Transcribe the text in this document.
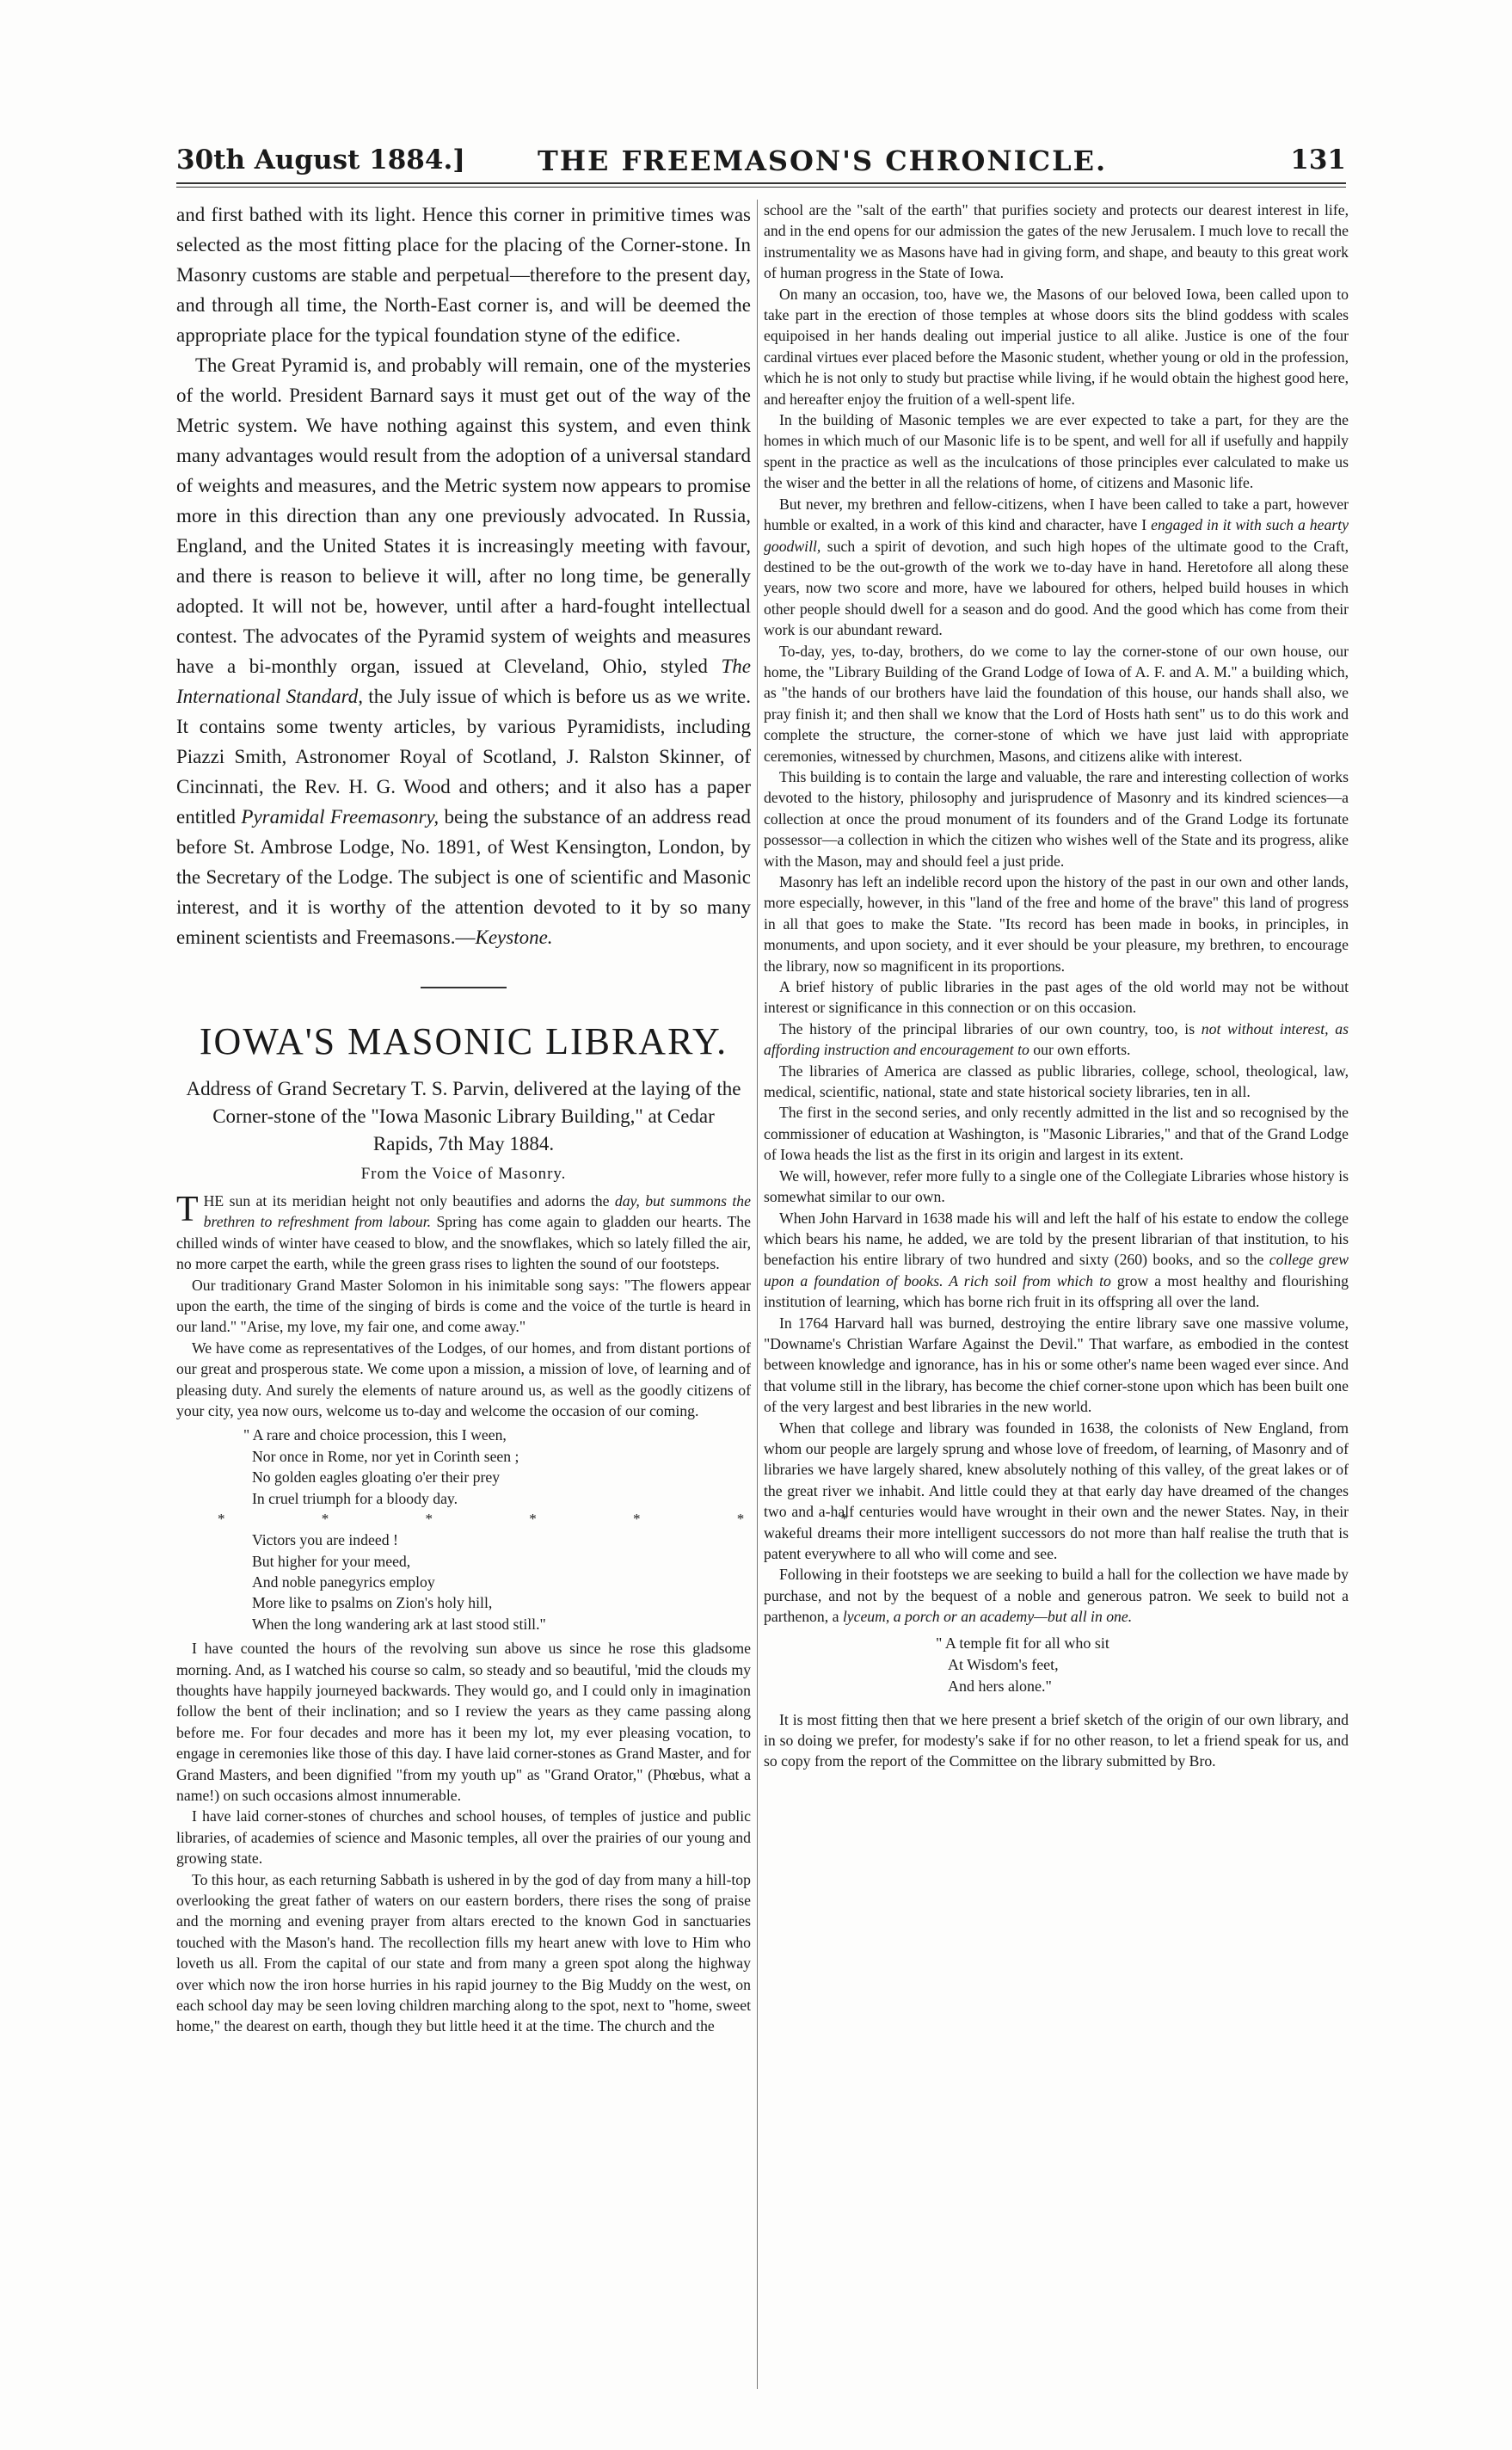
30th August 1884.]	THE FREEMASON'S CHRONICLE.	131

and first bathed with its light. Hence this corner in primitive times was selected as the most fitting place for the placing of the Corner-stone. In Masonry customs are stable and perpetual—therefore to the present day, and through all time, the North-East corner is, and will be deemed the appropriate place for the typical foundation styne of the edifice.

The Great Pyramid is, and probably will remain, one of the mysteries of the world. President Barnard says it must get out of the way of the Metric system. We have nothing against this system, and even think many advantages would result from the adoption of a universal standard of weights and measures, and the Metric system now appears to promise more in this direction than any one previously advocated. In Russia, England, and the United States it is increasingly meeting with favour, and there is reason to believe it will, after no long time, be generally adopted. It will not be, however, until after a hard-fought intellectual contest. The advocates of the Pyramid system of weights and measures have a bi-monthly organ, issued at Cleveland, Ohio, styled The International Standard, the July issue of which is before us as we write. It contains some twenty articles, by various Pyramidists, including Piazzi Smith, Astronomer Royal of Scotland, J. Ralston Skinner, of Cincinnati, the Rev. H. G. Wood and others; and it also has a paper entitled Pyramidal Freemasonry, being the substance of an address read before St. Ambrose Lodge, No. 1891, of West Kensington, London, by the Secretary of the Lodge. The subject is one of scientific and Masonic interest, and it is worthy of the attention devoted to it by so many eminent scientists and Freemasons.—Keystone.

IOWA'S MASONIC LIBRARY.
Address of Grand Secretary T. S. Parvin, delivered at the laying of the Corner-stone of the "Iowa Masonic Library Building," at Cedar Rapids, 7th May 1884.
From the Voice of Masonry.

THE sun at its meridian height not only beautifies and adorns the day, but summons the brethren to refreshment from labour. Spring has come again to gladden our hearts. The chilled winds of winter have ceased to blow, and the snowflakes, which so lately filled the air, no more carpet the earth, while the green grass rises to lighten the sound of our footsteps.

Our traditionary Grand Master Solomon in his inimitable song says: "The flowers appear upon the earth, the time of the singing of birds is come and the voice of the turtle is heard in our land." "Arise, my love, my fair one, and come away."

We have come as representatives of the Lodges, of our homes, and from distant portions of our great and prosperous state. We come upon a mission, a mission of love, of learning and of pleasing duty. And surely the elements of nature around us, as well as the goodly citizens of your city, yea now ours, welcome us to-day and welcome the occasion of our coming.

" A rare and choice procession, this I ween,
Nor once in Rome, nor yet in Corinth seen ;
No golden eagles gloating o'er their prey
In cruel triumph for a bloody day.
* * * * * * *
Victors you are indeed !
But higher for your meed,
And noble panegyrics employ
More like to psalms on Zion's holy hill,
When the long wandering ark at last stood still."

I have counted the hours of the revolving sun above us since he rose this gladsome morning. And, as I watched his course so calm, so steady and so beautiful, 'mid the clouds my thoughts have happily journeyed backwards. They would go, and I could only in imagination follow the bent of their inclination; and so I review the years as they came passing along before me. For four decades and more has it been my lot, my ever pleasing vocation, to engage in ceremonies like those of this day. I have laid corner-stones as Grand Master, and for Grand Masters, and been dignified "from my youth up" as "Grand Orator," (Phœbus, what a name!) on such occasions almost innumerable.

I have laid corner-stones of churches and school houses, of temples of justice and public libraries, of academies of science and Masonic temples, all over the prairies of our young and growing state.

To this hour, as each returning Sabbath is ushered in by the god of day from many a hill-top overlooking the great father of waters on our eastern borders, there rises the song of praise and the morning and evening prayer from altars erected to the known God in sanctuaries touched with the Mason's hand. The recollection fills my heart anew with love to Him who loveth us all. From the capital of our state and from many a green spot along the highway over which now the iron horse hurries in his rapid journey to the Big Muddy on the west, on each school day may be seen loving children marching along to the spot, next to "home, sweet home," the dearest on earth, though they but little heed it at the time. The church and the

school are the "salt of the earth" that purifies society and protects our dearest interest in life, and in the end opens for our admission the gates of the new Jerusalem. I much love to recall the instrumentality we as Masons have had in giving form, and shape, and beauty to this great work of human progress in the State of Iowa.

On many an occasion, too, have we, the Masons of our beloved Iowa, been called upon to take part in the erection of those temples at whose doors sits the blind goddess with scales equipoised in her hands dealing out imperial justice to all alike. Justice is one of the four cardinal virtues ever placed before the Masonic student, whether young or old in the profession, which he is not only to study but practise while living, if he would obtain the highest good here, and hereafter enjoy the fruition of a well-spent life.

In the building of Masonic temples we are ever expected to take a part, for they are the homes in which much of our Masonic life is to be spent, and well for all if usefully and happily spent in the practice as well as the inculcations of those principles ever calculated to make us the wiser and the better in all the relations of home, of citizens and Masonic life.

But never, my brethren and fellow-citizens, when I have been called to take a part, however humble or exalted, in a work of this kind and character, have I engaged in it with such a hearty goodwill, such a spirit of devotion, and such high hopes of the ultimate good to the Craft, destined to be the out-growth of the work we to-day have in hand. Heretofore all along these years, now two score and more, have we laboured for others, helped build houses in which other people should dwell for a season and do good. And the good which has come from their work is our abundant reward.

To-day, yes, to-day, brothers, do we come to lay the corner-stone of our own house, our home, the "Library Building of the Grand Lodge of Iowa of A. F. and A. M." a building which, as "the hands of our brothers have laid the foundation of this house, our hands shall also, we pray finish it; and then shall we know that the Lord of Hosts hath sent" us to do this work and complete the structure, the corner-stone of which we have just laid with appropriate ceremonies, witnessed by churchmen, Masons, and citizens alike with interest.

This building is to contain the large and valuable, the rare and interesting collection of works devoted to the history, philosophy and jurisprudence of Masonry and its kindred sciences—a collection at once the proud monument of its founders and of the Grand Lodge its fortunate possessor—a collection in which the citizen who wishes well of the State and its progress, alike with the Mason, may and should feel a just pride.

Masonry has left an indelible record upon the history of the past in our own and other lands, more especially, however, in this "land of the free and home of the brave" this land of progress in all that goes to make the State. "Its record has been made in books, in principles, in monuments, and upon society, and it ever should be your pleasure, my brethren, to encourage the library, now so magnificent in its proportions.

A brief history of public libraries in the past ages of the old world may not be without interest or significance in this connection or on this occasion.

The history of the principal libraries of our own country, too, is not without interest, as affording instruction and encouragement to our own efforts.

The libraries of America are classed as public libraries, college, school, theological, law, medical, scientific, national, state and state historical society libraries, ten in all.

The first in the second series, and only recently admitted in the list and so recognised by the commissioner of education at Washington, is "Masonic Libraries," and that of the Grand Lodge of Iowa heads the list as the first in its origin and largest in its extent.

We will, however, refer more fully to a single one of the Collegiate Libraries whose history is somewhat similar to our own.

When John Harvard in 1638 made his will and left the half of his estate to endow the college which bears his name, he added, we are told by the present librarian of that institution, to his benefaction his entire library of two hundred and sixty (260) books, and so the college grew upon a foundation of books. A rich soil from which to grow a most healthy and flourishing institution of learning, which has borne rich fruit in its offspring all over the land.

In 1764 Harvard hall was burned, destroying the entire library save one massive volume, "Downame's Christian Warfare Against the Devil." That warfare, as embodied in the contest between knowledge and ignorance, has in his or some other's name been waged ever since. And that volume still in the library, has become the chief corner-stone upon which has been built one of the very largest and best libraries in the new world.

When that college and library was founded in 1638, the colonists of New England, from whom our people are largely sprung and whose love of freedom, of learning, of Masonry and of libraries we have largely shared, knew absolutely nothing of this valley, of the great lakes or of the great river we inhabit. And little could they at that early day have dreamed of the changes two and a-half centuries would have wrought in their own and the newer States. Nay, in their wakeful dreams their more intelligent successors do not more than half realise the truth that is patent everywhere to all who will come and see.

Following in their footsteps we are seeking to build a hall for the collection we have made by purchase, and not by the bequest of a noble and generous patron. We seek to build not a parthenon, a lyceum, a porch or an academy—but all in one.

" A temple fit for all who sit
At Wisdom's feet,
And hers alone."

It is most fitting then that we here present a brief sketch of the origin of our own library, and in so doing we prefer, for modesty's sake if for no other reason, to let a friend speak for us, and so copy from the report of the Committee on the library submitted by Bro.
